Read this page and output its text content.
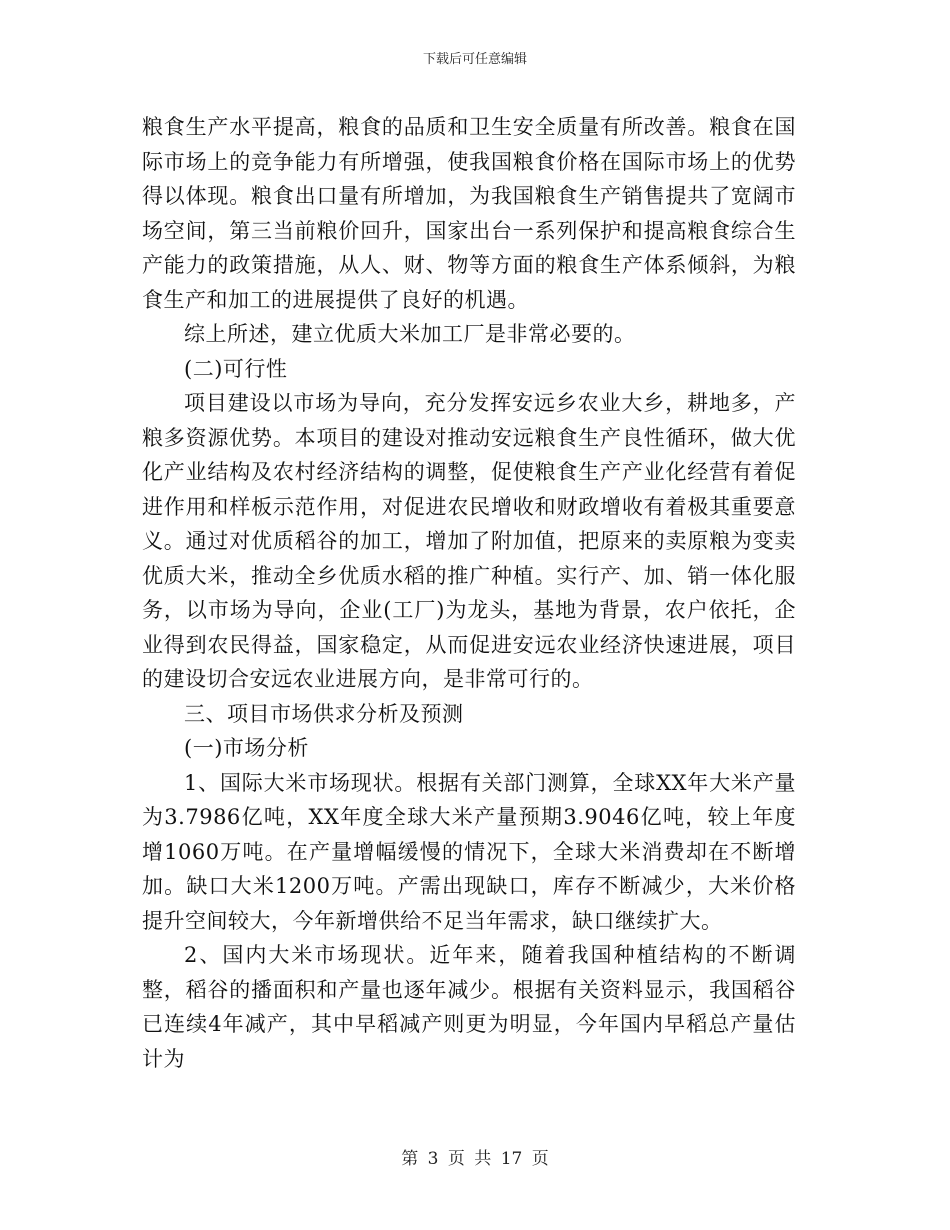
下载后可任意编辑

粮食生产水平提高，粮食的品质和卫生安全质量有所改善。粮食在国际市场上的竞争能力有所增强，使我国粮食价格在国际市场上的优势得以体现。粮食出口量有所增加，为我国粮食生产销售提共了宽阔市场空间，第三当前粮价回升，国家出台一系列保护和提高粮食综合生产能力的政策措施，从人、财、物等方面的粮食生产体系倾斜，为粮食生产和加工的进展提供了良好的机遇。

综上所述，建立优质大米加工厂是非常必要的。

(二)可行性

项目建设以市场为导向，充分发挥安远乡农业大乡，耕地多，产粮多资源优势。本项目的建设对推动安远粮食生产良性循环，做大优化产业结构及农村经济结构的调整，促使粮食生产产业化经营有着促进作用和样板示范作用，对促进农民增收和财政增收有着极其重要意义。通过对优质稻谷的加工，增加了附加值，把原来的卖原粮为变卖优质大米，推动全乡优质水稻的推广种植。实行产、加、销一体化服务，以市场为导向，企业(工厂)为龙头，基地为背景，农户依托，企业得到农民得益，国家稳定，从而促进安远农业经济快速进展，项目的建设切合安远农业进展方向，是非常可行的。

三、项目市场供求分析及预测

(一)市场分析

1、国际大米市场现状。根据有关部门测算，全球XX年大米产量为3.7986亿吨，XX年度全球大米产量预期3.9046亿吨，较上年度增1060万吨。在产量增幅缓慢的情况下，全球大米消费却在不断增加。缺口大米1200万吨。产需出现缺口，库存不断减少，大米价格提升空间较大，今年新增供给不足当年需求，缺口继续扩大。

2、国内大米市场现状。近年来，随着我国种植结构的不断调整，稻谷的播面积和产量也逐年减少。根据有关资料显示，我国稻谷已连续4年减产，其中早稻减产则更为明显，今年国内早稻总产量估计为

第 3 页 共 17 页
